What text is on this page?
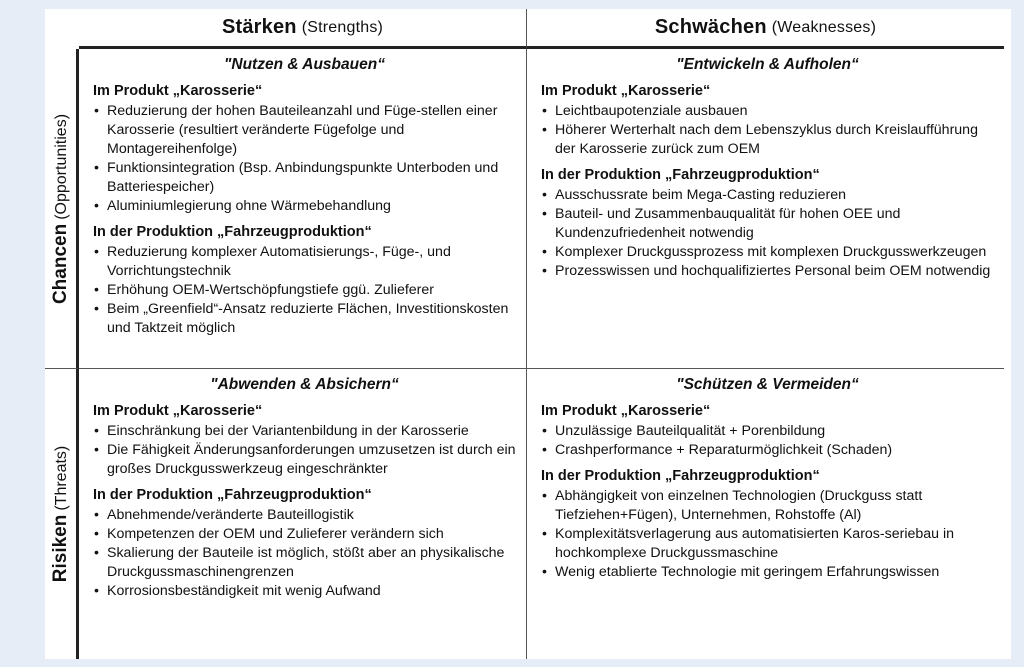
Stärken (Strengths)	Schwächen (Weaknesses)
Chancen(Opportunities)
"Nutzen & Ausbauen“
Im Produkt „Karosserie“
• Reduzierung der hohen Bauteileanzahl und Füge-stellen einer Karosserie (resultiert veränderte Fügefolge und Montagereihenfolge)
• Funktionsintegration (Bsp. Anbindungspunkte Unterboden und Batteriespeicher)
• Aluminiumlegierung ohne Wärmebehandlung
In der Produktion „Fahrzeugproduktion“
• Reduzierung komplexer Automatisierungs-, Füge-, und Vorrichtungstechnik
• Erhöhung OEM-Wertschöpfungstiefe ggü. Zulieferer
• Beim „Greenfield“-Ansatz reduzierte Flächen, Investitionskosten und Taktzeit möglich
"Entwickeln & Aufholen“
Im Produkt „Karosserie“
• Leichtbaupotenziale ausbauen
• Höherer Werterhalt nach dem Lebenszyklus durch Kreislaufführung der Karosserie zurück zum OEM
In der Produktion „Fahrzeugproduktion“
• Ausschussrate beim Mega-Casting reduzieren
• Bauteil- und Zusammenbauqualität für hohen OEE und Kundenzufriedenheit notwendig
• Komplexer Druckgussprozess mit komplexen Druckgusswerkzeugen
• Prozesswissen und hochqualifiziertes Personal beim OEM notwendig
Risiken(Threats)
"Abwenden & Absichern“
Im Produkt „Karosserie“
• Einschränkung bei der Variantenbildung in der Karosserie
• Die Fähigkeit Änderungsanforderungen umzusetzen ist durch ein großes Druckgusswerkzeug eingeschränkter
In der Produktion „Fahrzeugproduktion“
• Abnehmende/veränderte Bauteillogistik
• Kompetenzen der OEM und Zulieferer verändern sich
• Skalierung der Bauteile ist möglich, stößt aber an physikalische Druckgussmaschinengrenzen
• Korrosionsbeständigkeit mit wenig Aufwand
"Schützen & Vermeiden“
Im Produkt „Karosserie“
• Unzulässige Bauteilqualität + Porenbildung
• Crashperformance + Reparaturmöglichkeit (Schaden)
In der Produktion „Fahrzeugproduktion“
• Abhängigkeit von einzelnen Technologien (Druckguss statt Tiefziehen+Fügen), Unternehmen, Rohstoffe (Al)
• Komplexitätsverlagerung aus automatisierten Karos-seriebau in hochkomplexe Druckgussmaschine
• Wenig etablierte Technologie mit geringem Erfahrungswissen
